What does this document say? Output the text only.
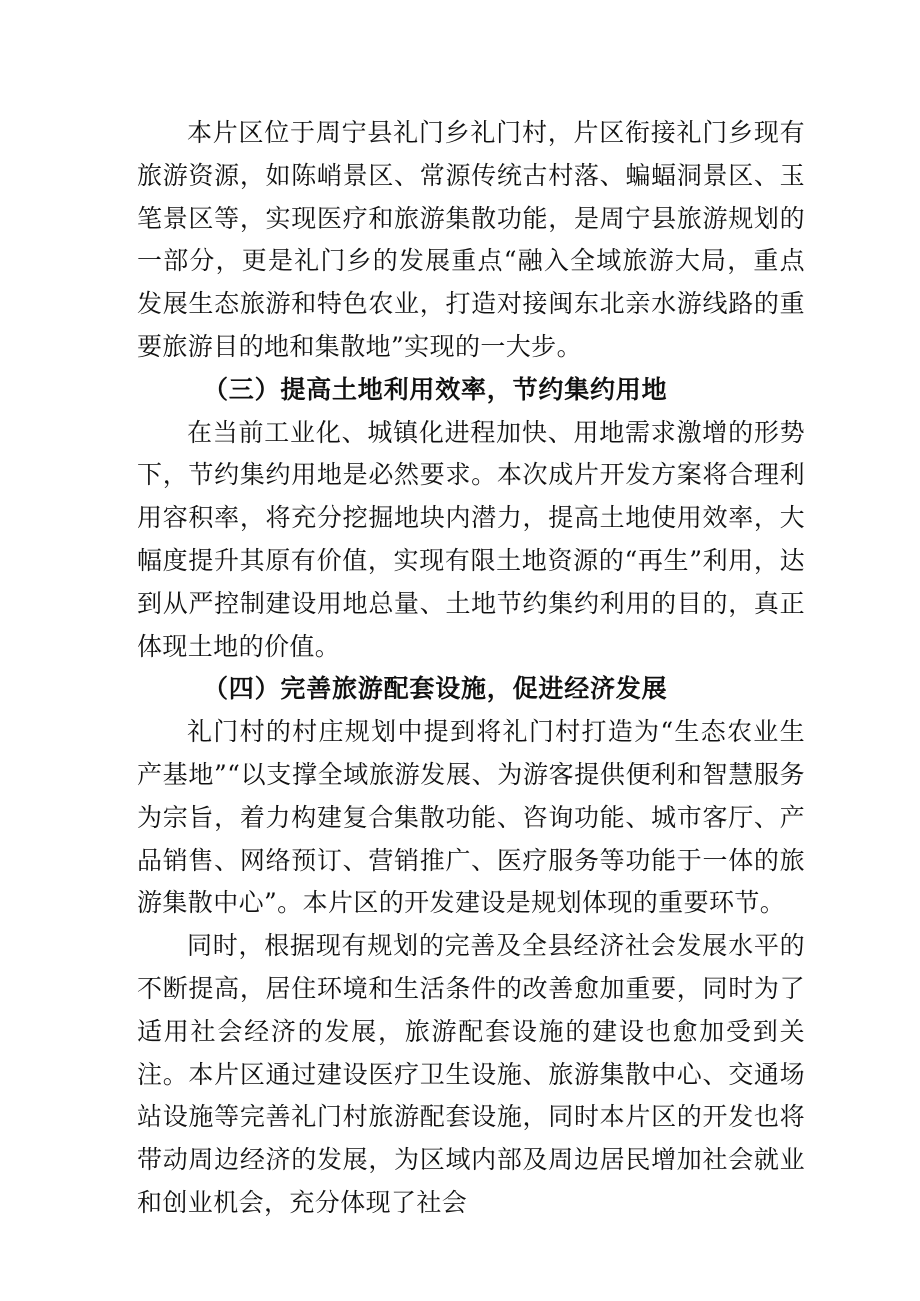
本片区位于周宁县礼门乡礼门村，片区衔接礼门乡现有旅游资源，如陈峭景区、常源传统古村落、蝙蝠洞景区、玉笔景区等，实现医疗和旅游集散功能，是周宁县旅游规划的一部分，更是礼门乡的发展重点“融入全域旅游大局，重点发展生态旅游和特色农业，打造对接闽东北亲水游线路的重要旅游目的地和集散地”实现的一大步。

（三）提高土地利用效率，节约集约用地

在当前工业化、城镇化进程加快、用地需求激增的形势下，节约集约用地是必然要求。本次成片开发方案将合理利用容积率，将充分挖掘地块内潜力，提高土地使用效率，大幅度提升其原有价值，实现有限土地资源的“再生”利用，达到从严控制建设用地总量、土地节约集约利用的目的，真正体现土地的价值。

（四）完善旅游配套设施，促进经济发展

礼门村的村庄规划中提到将礼门村打造为“生态农业生产基地”“以支撑全域旅游发展、为游客提供便利和智慧服务为宗旨，着力构建复合集散功能、咨询功能、城市客厅、产品销售、网络预订、营销推广、医疗服务等功能于一体的旅游集散中心”。本片区的开发建设是规划体现的重要环节。

同时，根据现有规划的完善及全县经济社会发展水平的不断提高，居住环境和生活条件的改善愈加重要，同时为了适用社会经济的发展，旅游配套设施的建设也愈加受到关注。本片区通过建设医疗卫生设施、旅游集散中心、交通场站设施等完善礼门村旅游配套设施，同时本片区的开发也将带动周边经济的发展，为区域内部及周边居民增加社会就业和创业机会，充分体现了社会
